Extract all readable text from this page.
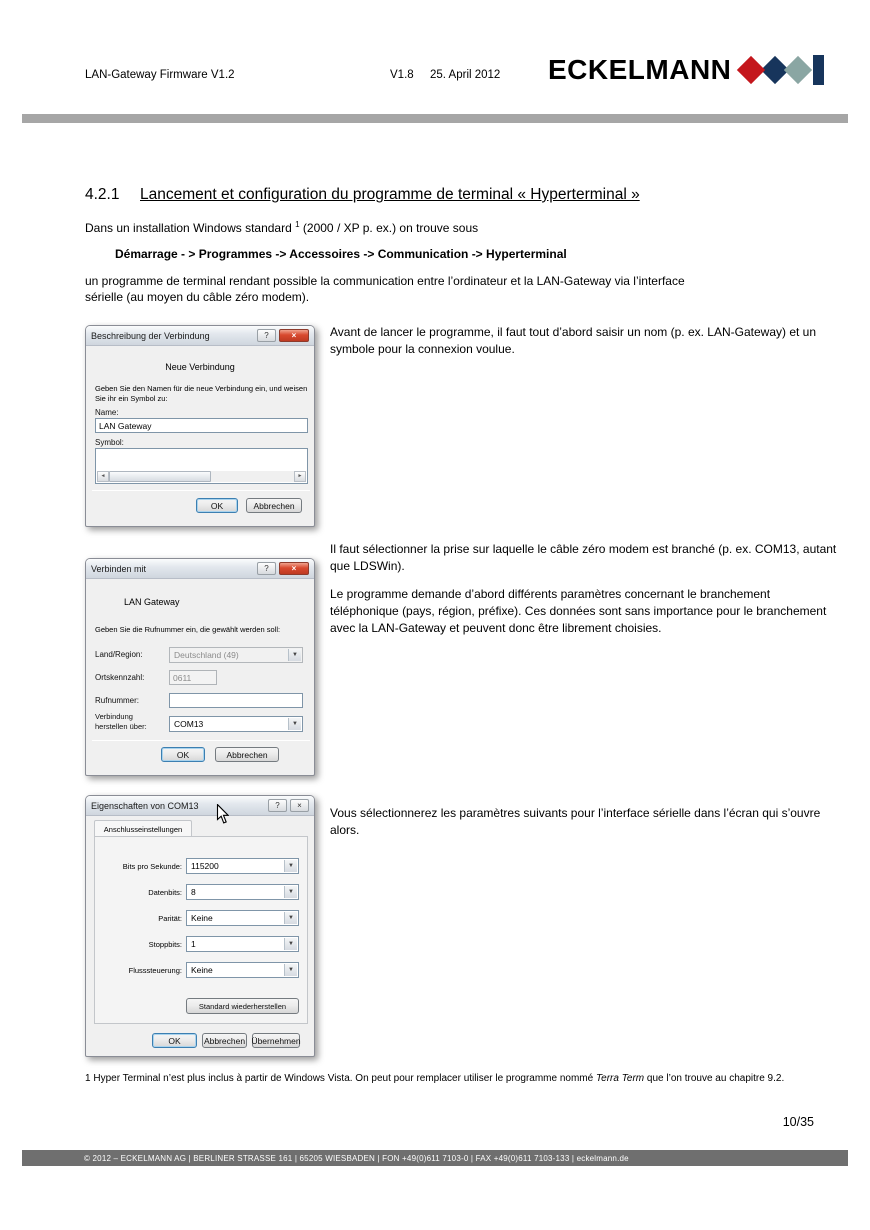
LAN-Gateway Firmware V1.2	V1.8 25. April 2012 ECKELMANN
4.2.1 Lancement et configuration du programme de terminal « Hyperterminal »
Dans un installation Windows standard $^1$ (2000 / XP p. ex.) on trouve sous
Démarrage - > Programmes -> Accessoires -> Communication -> Hyperterminal
un programme de terminal rendant possible la communication entre l’ordinateur et la LAN-Gateway via l’interface sérielle (au moyen du câble zéro modem).
Beschreibung der Verbindung	?	×
Neue Verbindung
Geben Sie den Namen für die neue Verbindung ein, und weisen Sie ihr ein Symbol zu:
Name:
LAN Gateway
Symbol:
◄	►
OK	Abbrechen
Avant de lancer le programme, il faut tout d’abord saisir un nom (p. ex. LAN-Gateway) et un symbole pour la connexion voulue.
Verbinden mit	?	×
LAN Gateway
Geben Sie die Rufnummer ein, die gewählt werden soll:
Land/Region:	Deutschland (49)	▼
Ortskennzahl:	0611
Rufnummer:
Verbindung herstellen über:	COM13	▼
OK	Abbrechen
Il faut sélectionner la prise sur laquelle le câble zéro modem est branché (p. ex. COM13, autant que LDSWin).
Le programme demande d’abord différents paramètres concernant le branchement téléphonique (pays, région, préfixe). Ces données sont sans importance pour le branchement avec la LAN-Gateway et peuvent donc être librement choisies.
Eigenschaften von COM13	?	×
Anschlusseinstellungen
Bits pro Sekunde: 115200	▼
Datenbits: 8	▼
Parität: Keine	▼
Stoppbits: 1	▼
Flusssteuerung: Keine	▼
Standard wiederherstellen
OK	Abbrechen Übernehmen
Vous sélectionnerez les paramètres suivants pour l’interface sérielle dans l’écran qui s’ouvre alors.
1 Hyper Terminal n’est plus inclus à partir de Windows Vista. On peut pour remplacer utiliser le programme nommé Terra Term que l’on trouve au chapitre 9.2.
10/35
© 2012 – ECKELMANN AG | BERLINER STRASSE 161 | 65205 WIESBADEN | FON +49(0)611 7103-0 | FAX +49(0)611 7103-133 | eckelmann.de
